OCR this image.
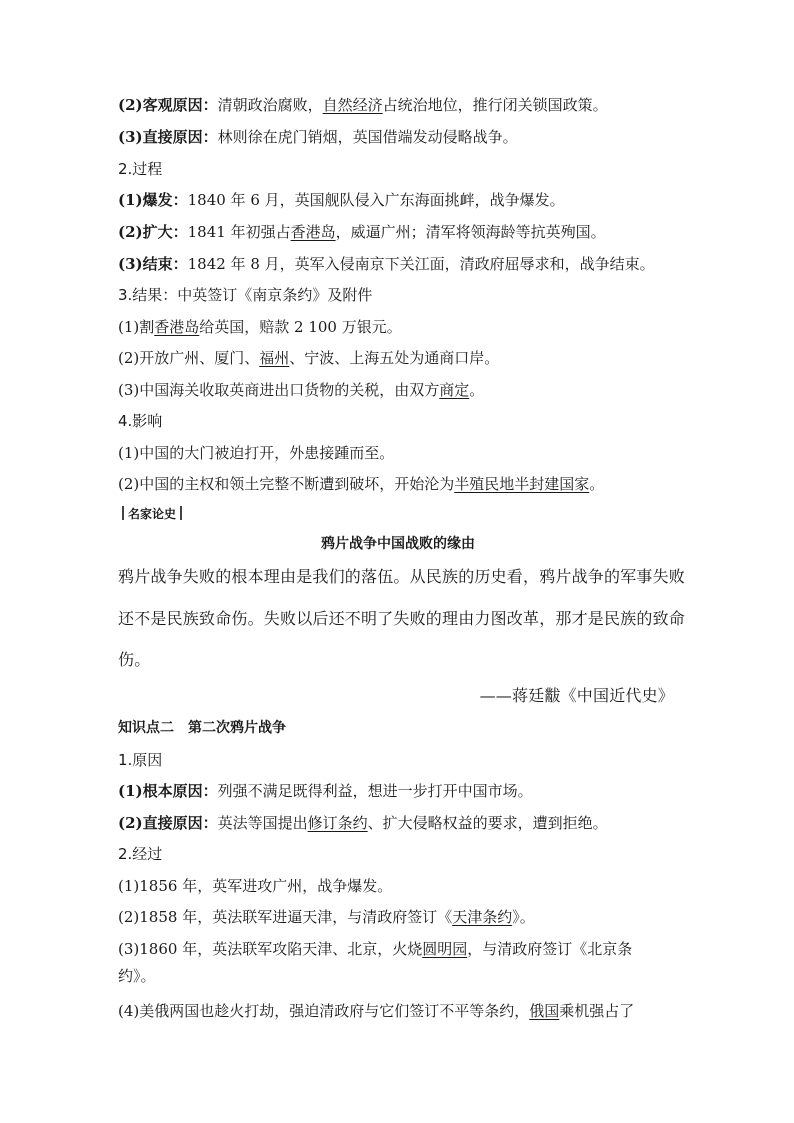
(2)客观原因：清朝政治腐败，自然经济占统治地位，推行闭关锁国政策。
(3)直接原因：林则徐在虎门销烟，英国借端发动侵略战争。
2.过程
(1)爆发：1840 年 6 月，英国舰队侵入广东海面挑衅，战争爆发。
(2)扩大：1841 年初强占香港岛，威逼广州；清军将领海龄等抗英殉国。
(3)结束：1842 年 8 月，英军入侵南京下关江面，清政府屈辱求和，战争结束。
3.结果：中英签订《南京条约》及附件
(1)割香港岛给英国，赔款 2 100 万银元。
(2)开放广州、厦门、福州、宁波、上海五处为通商口岸。
(3)中国海关收取英商进出口货物的关税，由双方商定。
4.影响
(1)中国的大门被迫打开，外患接踵而至。
(2)中国的主权和领土完整不断遭到破坏，开始沦为半殖民地半封建国家。
名家论史
鸦片战争中国战败的缘由
鸦片战争失败的根本理由是我们的落伍。从民族的历史看，鸦片战争的军事失败
还不是民族致命伤。失败以后还不明了失败的理由力图改革，那才是民族的致命
伤。
——蒋廷黻《中国近代史》
知识点二　第二次鸦片战争
1.原因
(1)根本原因：列强不满足既得利益，想进一步打开中国市场。
(2)直接原因：英法等国提出修订条约、扩大侵略权益的要求，遭到拒绝。
2.经过
(1)1856 年，英军进攻广州，战争爆发。
(2)1858 年，英法联军进逼天津，与清政府签订《天津条约》。
(3)1860 年，英法联军攻陷天津、北京，火烧圆明园，与清政府签订《北京条
约》。
(4)美俄两国也趁火打劫，强迫清政府与它们签订不平等条约，俄国乘机强占了
